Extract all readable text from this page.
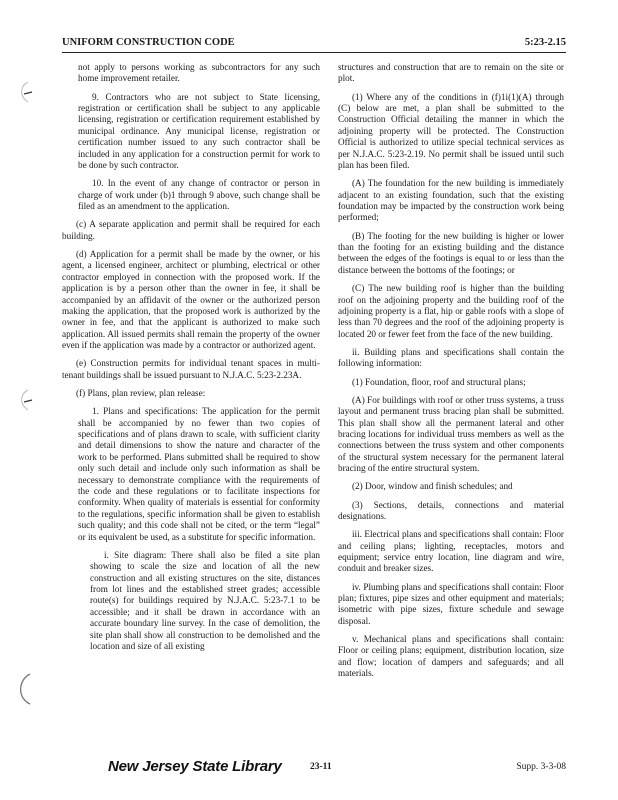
UNIFORM CONSTRUCTION CODE	5:23-2.15

not apply to persons working as subcontractors for any such home improvement retailer.

9. Contractors who are not subject to State licensing, registration or certification shall be subject to any applicable licensing, registration or certification requirement established by municipal ordinance. Any municipal license, registration or certification number issued to any such contractor shall be included in any application for a construction permit for work to be done by such contractor.

10. In the event of any change of contractor or person in charge of work under (b)1 through 9 above, such change shall be filed as an amendment to the application.

(c) A separate application and permit shall be required for each building.

(d) Application for a permit shall be made by the owner, or his agent, a licensed engineer, architect or plumbing, electrical or other contractor employed in connection with the proposed work. If the application is by a person other than the owner in fee, it shall be accompanied by an affidavit of the owner or the authorized person making the application, that the proposed work is authorized by the owner in fee, and that the applicant is authorized to make such application. All issued permits shall remain the property of the owner even if the application was made by a contractor or authorized agent.

(e) Construction permits for individual tenant spaces in multi-tenant buildings shall be issued pursuant to N.J.A.C. 5:23-2.23A.

(f) Plans, plan review, plan release:

1. Plans and specifications: The application for the permit shall be accompanied by no fewer than two copies of specifications and of plans drawn to scale, with sufficient clarity and detail dimensions to show the nature and character of the work to be performed. Plans submitted shall be required to show only such detail and include only such information as shall be necessary to demonstrate compliance with the requirements of the code and these regulations or to facilitate inspections for conformity. When quality of materials is essential for conformity to the regulations, specific information shall be given to establish such quality; and this code shall not be cited, or the term “legal” or its equivalent be used, as a substitute for specific information.

i. Site diagram: There shall also be filed a site plan showing to scale the size and location of all the new construction and all existing structures on the site, distances from lot lines and the established street grades; accessible route(s) for buildings required by N.J.A.C. 5:23-7.1 to be accessible; and it shall be drawn in accordance with an accurate boundary line survey. In the case of demolition, the site plan shall show all construction to be demolished and the location and size of all existing

structures and construction that are to remain on the site or plot.

(1) Where any of the conditions in (f)1i(1)(A) through (C) below are met, a plan shall be submitted to the Construction Official detailing the manner in which the adjoining property will be protected. The Construction Official is authorized to utilize special technical services as per N.J.A.C. 5:23-2.19. No permit shall be issued until such plan has been filed.

(A) The foundation for the new building is immediately adjacent to an existing foundation, such that the existing foundation may be impacted by the construction work being performed;

(B) The footing for the new building is higher or lower than the footing for an existing building and the distance between the edges of the footings is equal to or less than the distance between the bottoms of the footings; or

(C) The new building roof is higher than the building roof on the adjoining property and the building roof of the adjoining property is a flat, hip or gable roofs with a slope of less than 70 degrees and the roof of the adjoining property is located 20 or fewer feet from the face of the new building.

ii. Building plans and specifications shall contain the following information:

(1) Foundation, floor, roof and structural plans;

(A) For buildings with roof or other truss systems, a truss layout and permanent truss bracing plan shall be submitted. This plan shall show all the permanent lateral and other bracing locations for individual truss members as well as the connections between the truss system and other components of the structural system necessary for the permanent lateral bracing of the entire structural system.

(2) Door, window and finish schedules; and

(3) Sections, details, connections and material designations.

iii. Electrical plans and specifications shall contain: Floor and ceiling plans; lighting, receptacles, motors and equipment; service entry location, line diagram and wire, conduit and breaker sizes.

iv. Plumbing plans and specifications shall contain: Floor plan; fixtures, pipe sizes and other equipment and materials; isometric with pipe sizes, fixture schedule and sewage disposal.

v. Mechanical plans and specifications shall contain: Floor or ceiling plans; equipment, distribution location, size and flow; location of dampers and safeguards; and all materials.

New Jersey State Library	23-11	Supp. 3-3-08
